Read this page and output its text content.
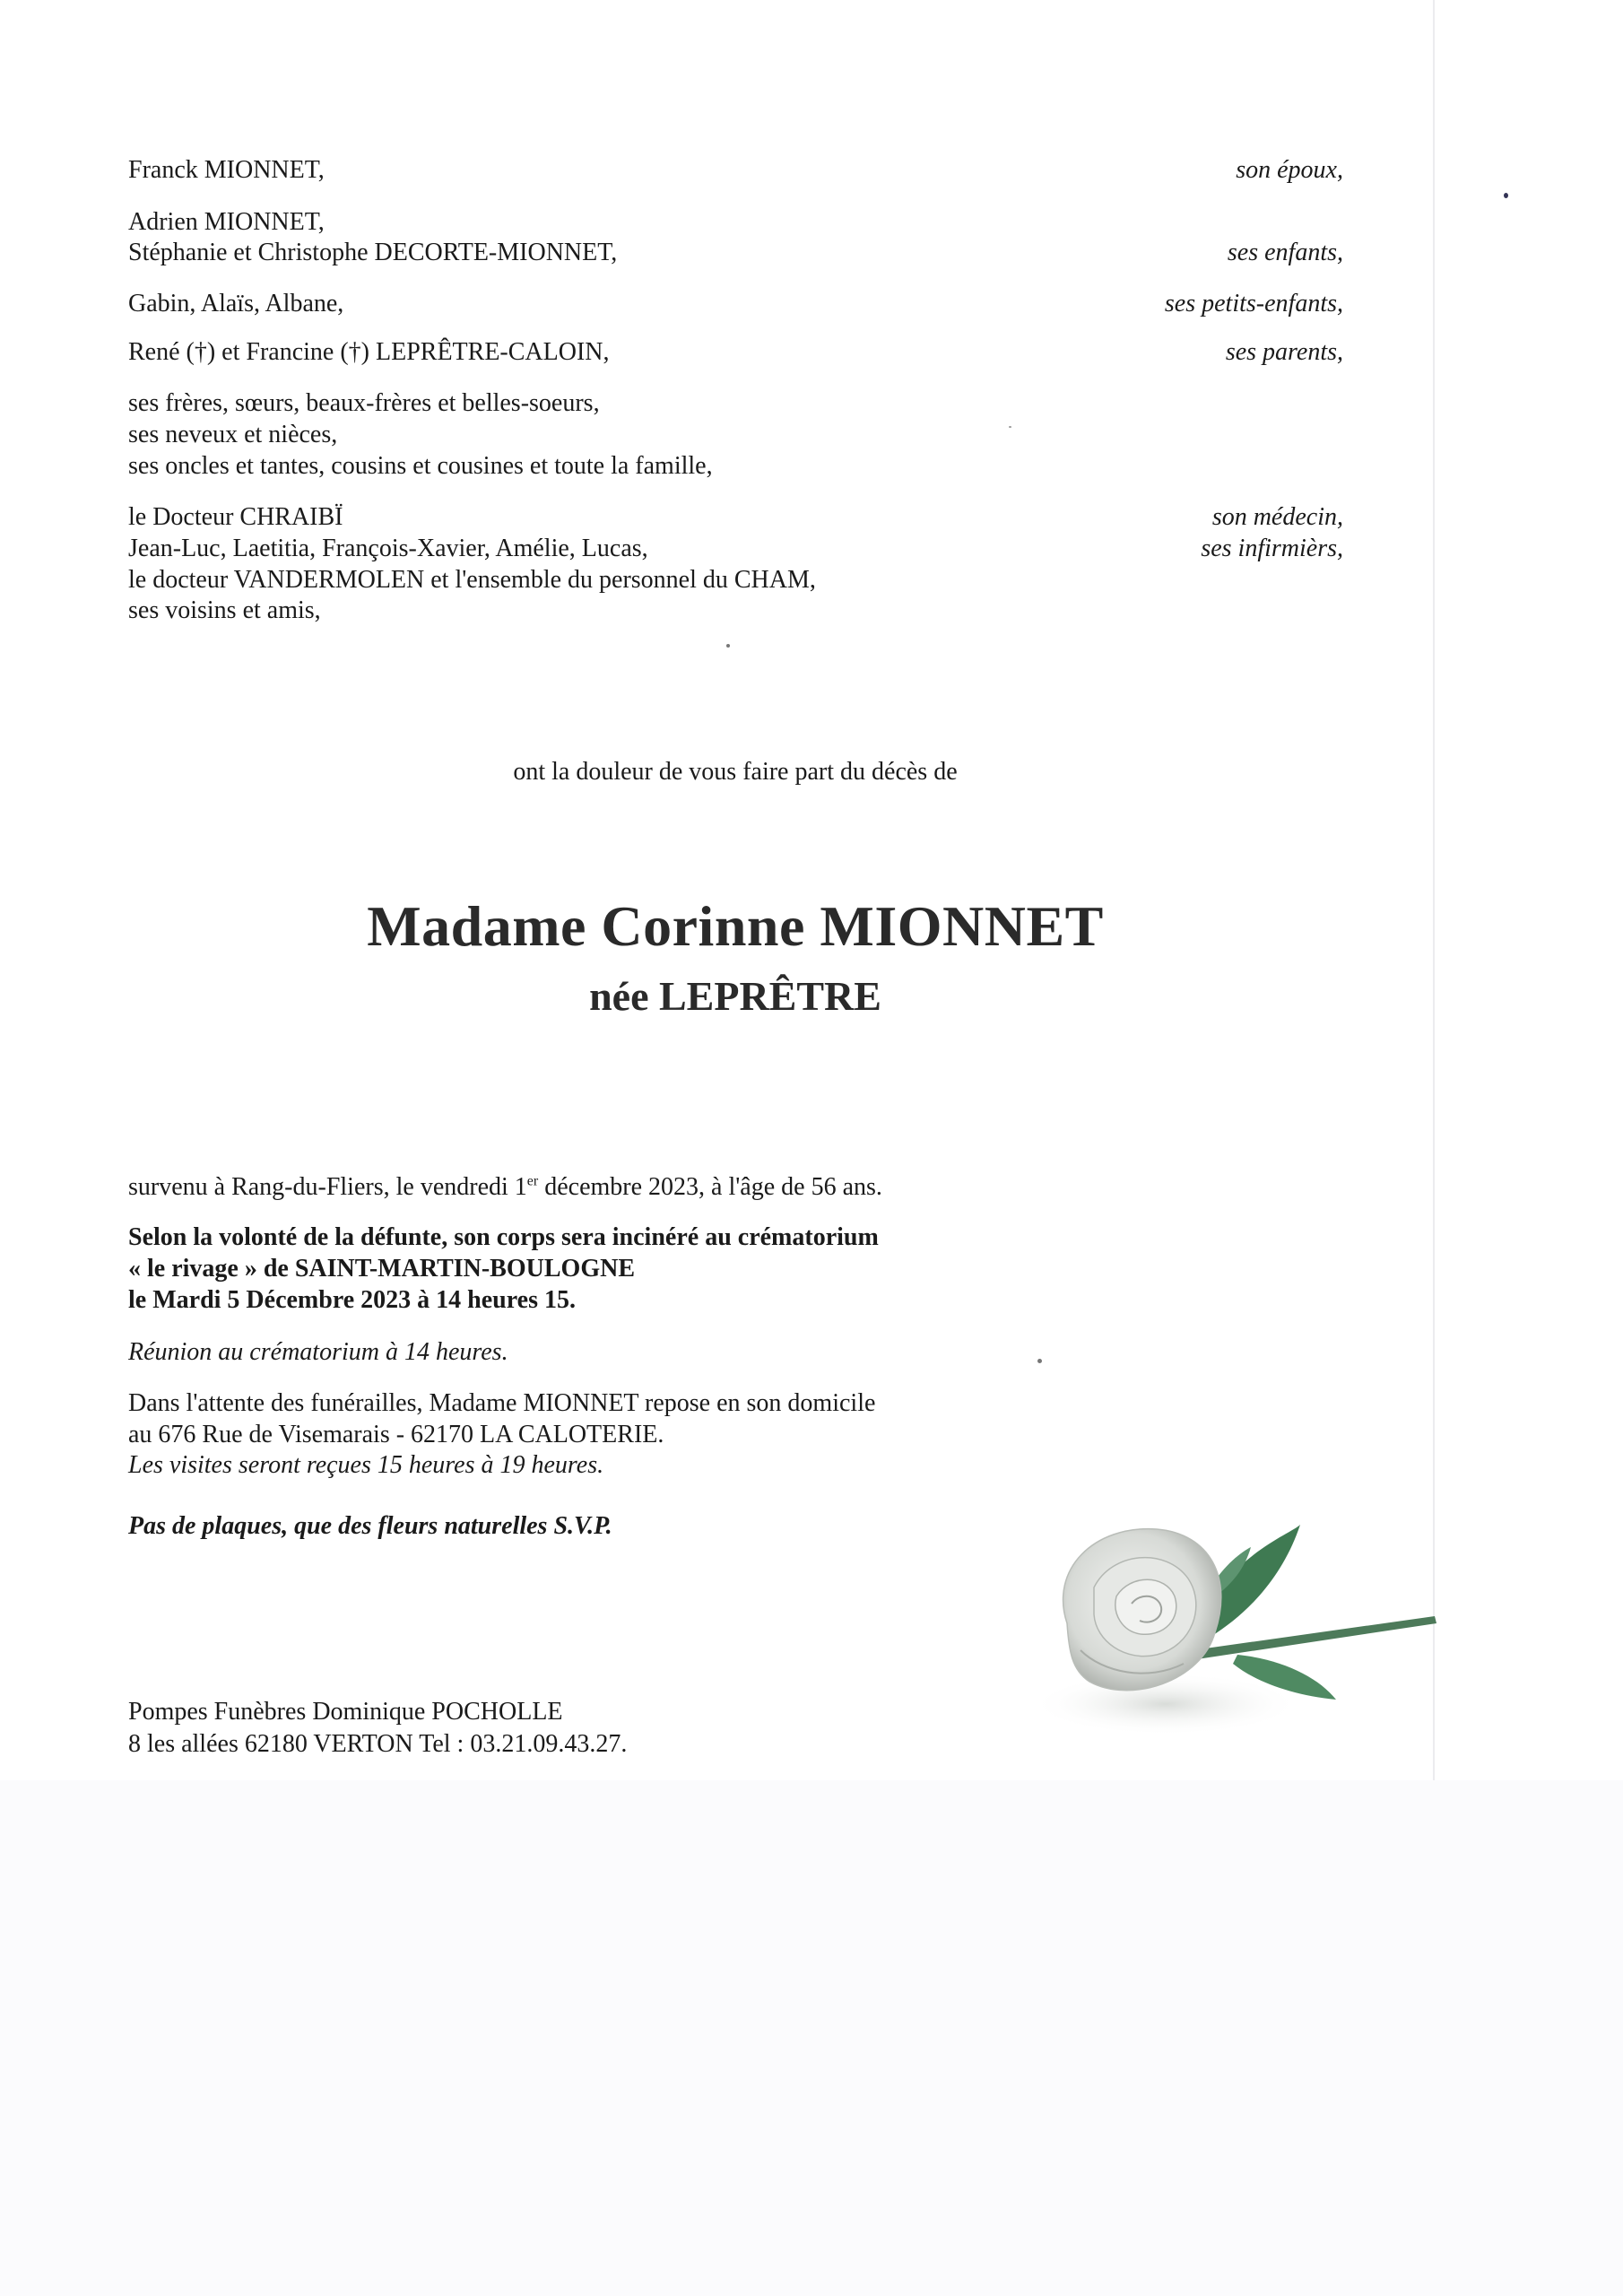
Franck MIONNET,	son époux,
Adrien MIONNET,
Stéphanie et Christophe DECORTE-MIONNET,	ses enfants,
Gabin, Alaïs, Albane,	ses petits-enfants,
René (†) et Francine (†) LEPRÊTRE-CALOIN,	ses parents,
ses frères, sœurs, beaux-frères et belles-soeurs,
ses neveux et nièces,
ses oncles et tantes, cousins et cousines et toute la famille,
le Docteur CHRAIBÏ	son médecin,
Jean-Luc, Laetitia, François-Xavier, Amélie, Lucas,	ses infirmièrs,
le docteur VANDERMOLEN et l'ensemble du personnel du CHAM,
ses voisins et amis,
ont la douleur de vous faire part du décès de
Madame Corinne MIONNET
née LEPRÊTRE
survenu à Rang-du-Fliers, le vendredi 1er décembre 2023, à l'âge de 56 ans.
Selon la volonté de la défunte, son corps sera incinéré au crématorium
« le rivage » de SAINT-MARTIN-BOULOGNE
le Mardi 5 Décembre 2023 à 14 heures 15.
Réunion au crématorium à 14 heures.
Dans l'attente des funérailles, Madame MIONNET repose en son domicile
au 676 Rue de Visemarais - 62170 LA CALOTERIE.
Les visites seront reçues 15 heures à 19 heures.
Pas de plaques, que des fleurs naturelles S.V.P.
Pompes Funèbres Dominique POCHOLLE
8 les allées 62180 VERTON Tel : 03.21.09.43.27.
